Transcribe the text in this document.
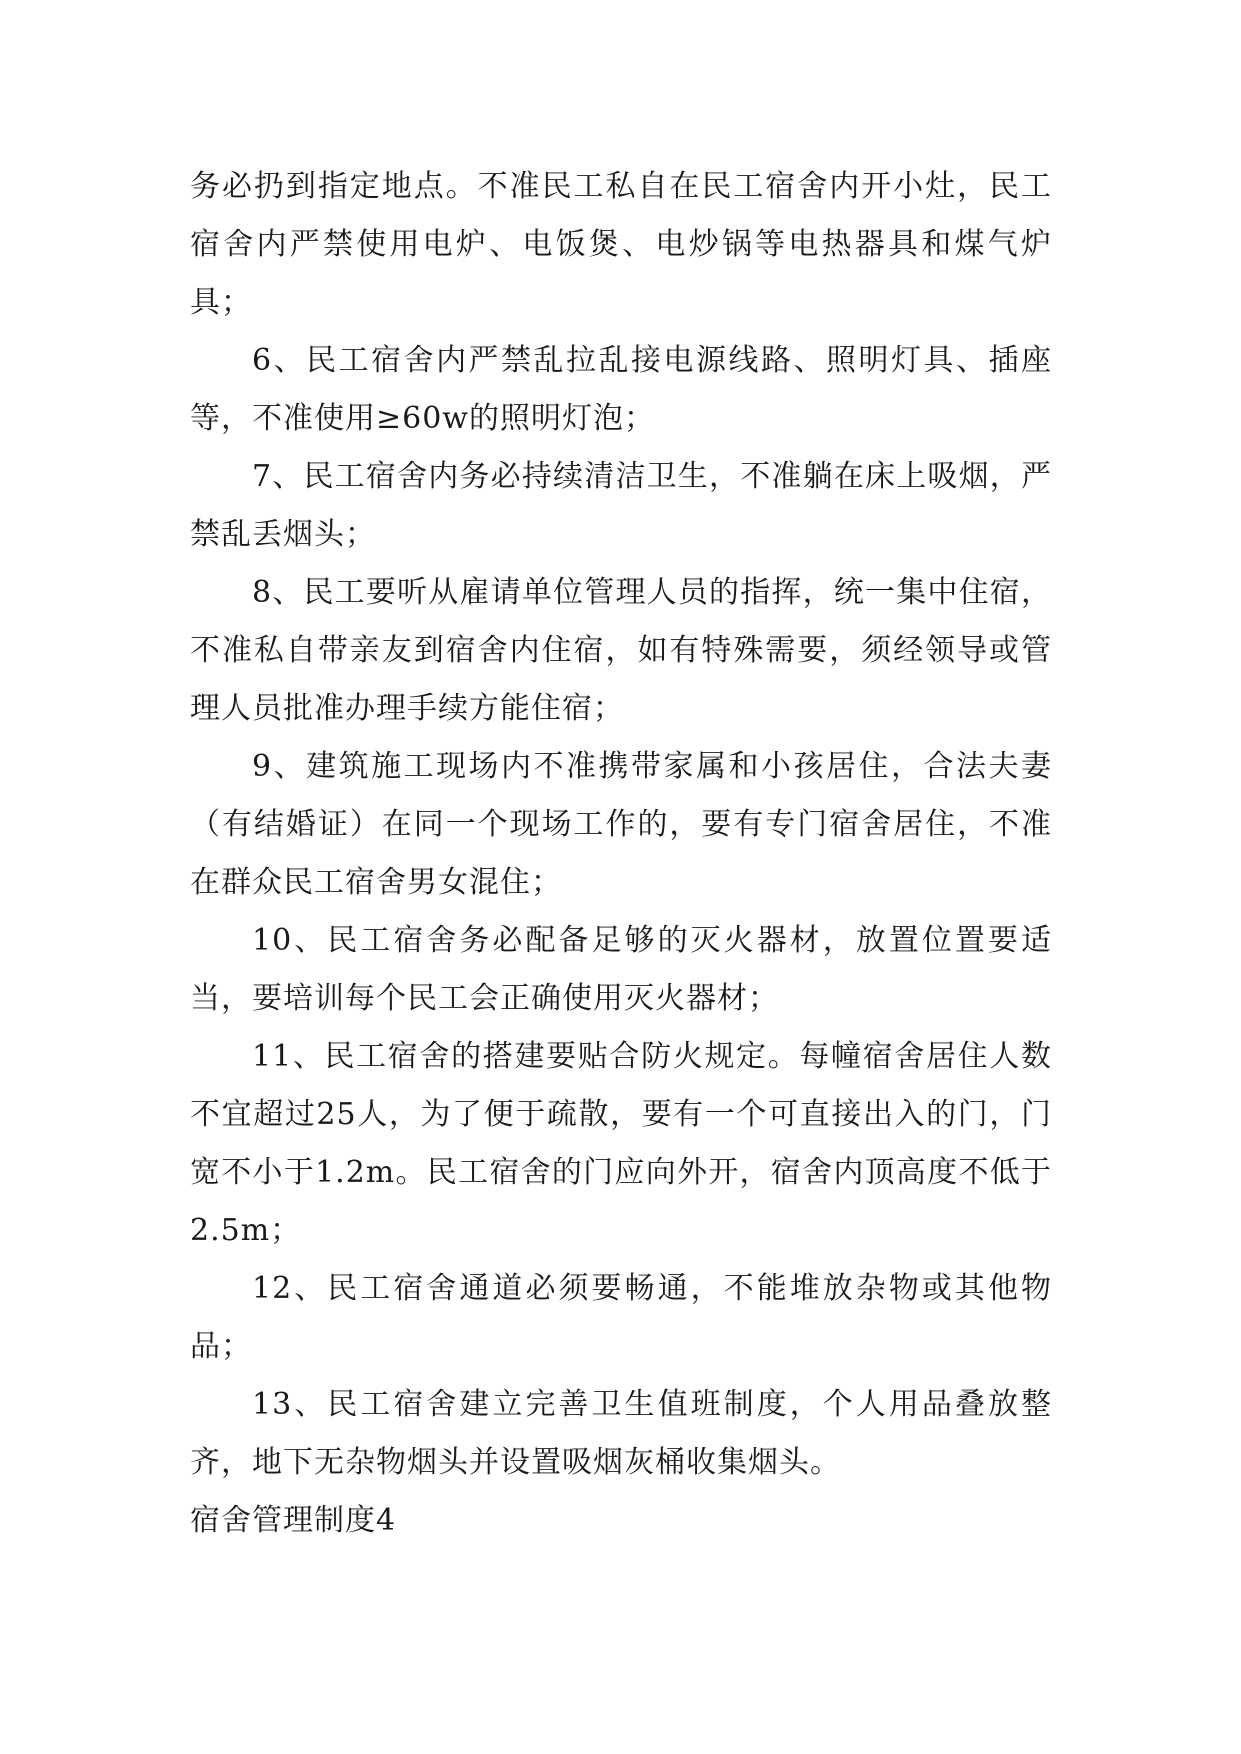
务必扔到指定地点。不准民工私自在民工宿舍内开小灶，民工宿舍内严禁使用电炉、电饭煲、电炒锅等电热器具和煤气炉具；

6、民工宿舍内严禁乱拉乱接电源线路、照明灯具、插座等，不准使用≥60w的照明灯泡；

7、民工宿舍内务必持续清洁卫生，不准躺在床上吸烟，严禁乱丢烟头；

8、民工要听从雇请单位管理人员的指挥，统一集中住宿，不准私自带亲友到宿舍内住宿，如有特殊需要，须经领导或管理人员批准办理手续方能住宿；

9、建筑施工现场内不准携带家属和小孩居住，合法夫妻（有结婚证）在同一个现场工作的，要有专门宿舍居住，不准在群众民工宿舍男女混住；

10、民工宿舍务必配备足够的灭火器材，放置位置要适当，要培训每个民工会正确使用灭火器材；

11、民工宿舍的搭建要贴合防火规定。每幢宿舍居住人数不宜超过25人，为了便于疏散，要有一个可直接出入的门，门宽不小于1.2m。民工宿舍的门应向外开，宿舍内顶高度不低于2.5m；

12、民工宿舍通道必须要畅通，不能堆放杂物或其他物品；

13、民工宿舍建立完善卫生值班制度，个人用品叠放整齐，地下无杂物烟头并设置吸烟灰桶收集烟头。

宿舍管理制度4
